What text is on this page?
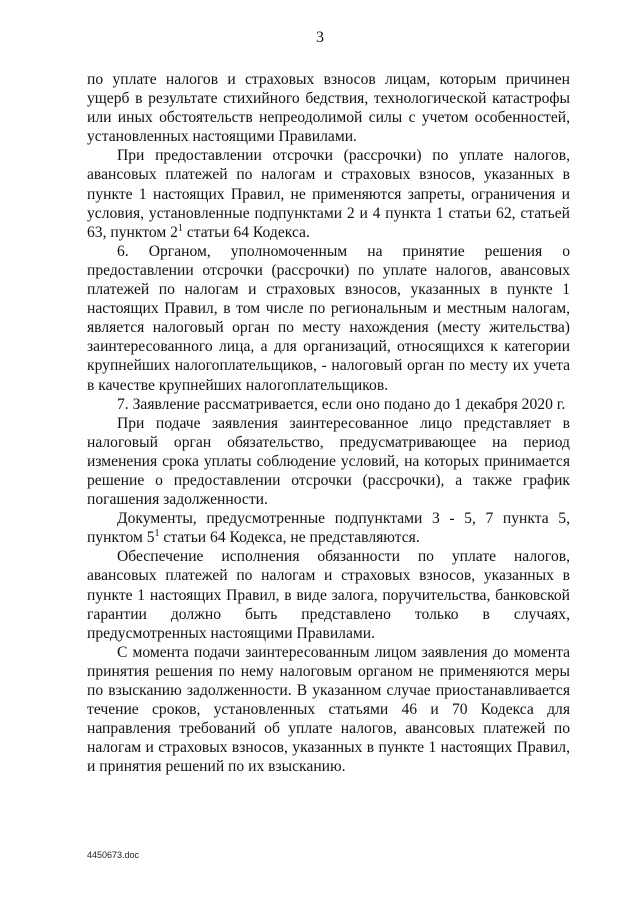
3

по уплате налогов и страховых взносов лицам, которым причинен ущерб в результате стихийного бедствия, технологической катастрофы или иных обстоятельств непреодолимой силы с учетом особенностей, установленных настоящими Правилами.

При предоставлении отсрочки (рассрочки) по уплате налогов, авансовых платежей по налогам и страховых взносов, указанных в пункте 1 настоящих Правил, не применяются запреты, ограничения и условия, установленные подпунктами 2 и 4 пункта 1 статьи 62, статьей 63, пунктом $2^1$ статьи 64 Кодекса.

6. Органом, уполномоченным на принятие решения о предоставлении отсрочки (рассрочки) по уплате налогов, авансовых платежей по налогам и страховых взносов, указанных в пункте 1 настоящих Правил, в том числе по региональным и местным налогам, является налоговый орган по месту нахождения (месту жительства) заинтересованного лица, а для организаций, относящихся к категории крупнейших налогоплательщиков, - налоговый орган по месту их учета в качестве крупнейших налогоплательщиков.

7. Заявление рассматривается, если оно подано до 1 декабря 2020 г.

При подаче заявления заинтересованное лицо представляет в налоговый орган обязательство, предусматривающее на период изменения срока уплаты соблюдение условий, на которых принимается решение о предоставлении отсрочки (рассрочки), а также график погашения задолженности.

Документы, предусмотренные подпунктами 3 - 5, 7 пункта 5, пунктом $5^1$ статьи 64 Кодекса, не представляются.

Обеспечение исполнения обязанности по уплате налогов, авансовых платежей по налогам и страховых взносов, указанных в пункте 1 настоящих Правил, в виде залога, поручительства, банковской гарантии должно быть представлено только в случаях, предусмотренных настоящими Правилами.

С момента подачи заинтересованным лицом заявления до момента принятия решения по нему налоговым органом не применяются меры по взысканию задолженности. В указанном случае приостанавливается течение сроков, установленных статьями 46 и 70 Кодекса для направления требований об уплате налогов, авансовых платежей по налогам и страховых взносов, указанных в пункте 1 настоящих Правил, и принятия решений по их взысканию.

4450673.doc
